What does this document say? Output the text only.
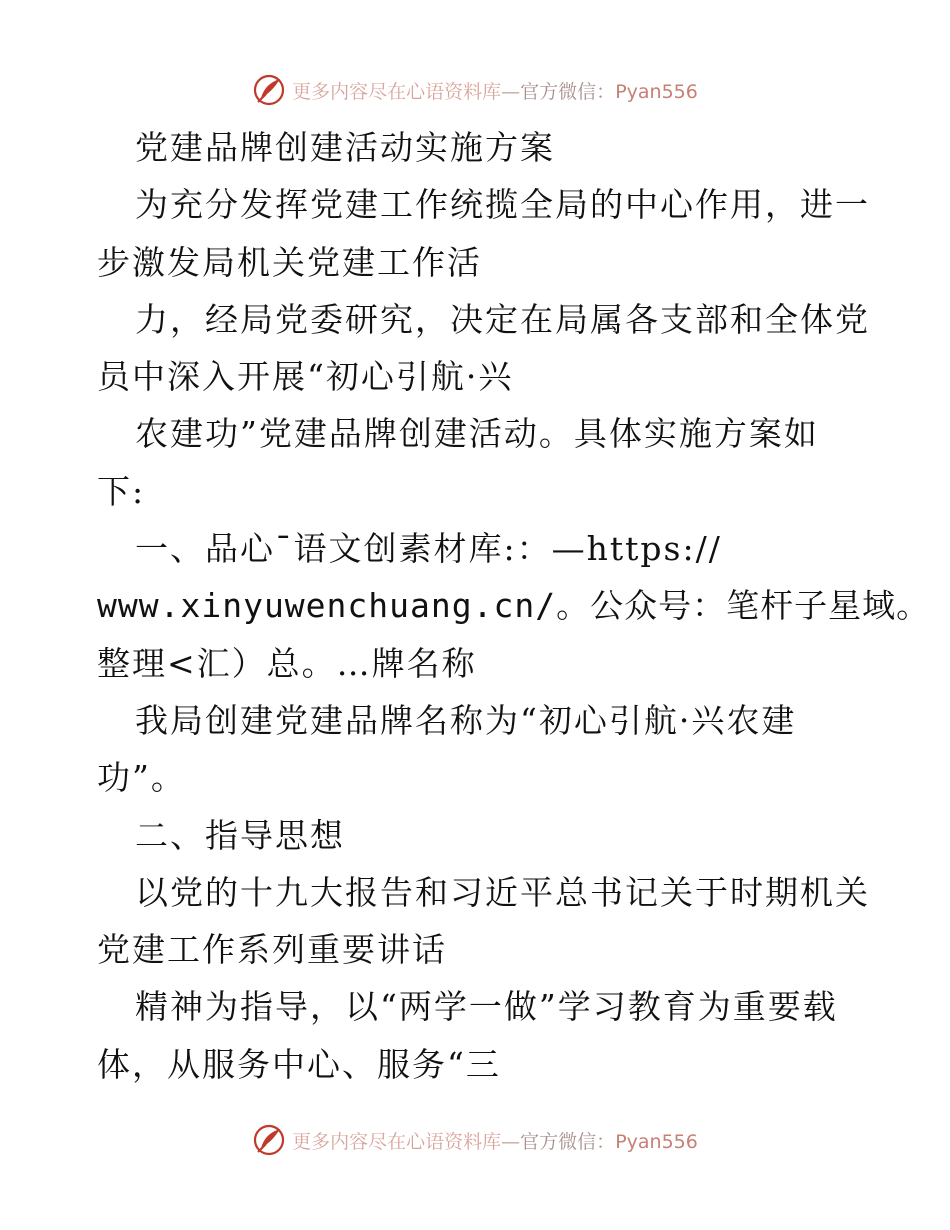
更多内容尽在心语资料库—官方微信：Pyan556
党建品牌创建活动实施方案
为充分发挥党建工作统揽全局的中心作用，进一
步激发局机关党建工作活
力，经局党委研究，决定在局属各支部和全体党
员中深入开展“初心引航·兴
农建功”党建品牌创建活动。具体实施方案如
下:
一、品心¯语文创素材库:：—https://
www.xinyuwenchuang.cn/。公众号：笔杆子星域。
整理<汇）总。…牌名称
我局创建党建品牌名称为“初心引航·兴农建
功”。
二、指导思想
以党的十九大报告和习近平总书记关于时期机关
党建工作系列重要讲话
精神为指导，以“两学一做”学习教育为重要载
体，从服务中心、服务“三
更多内容尽在心语资料库—官方微信：Pyan556
